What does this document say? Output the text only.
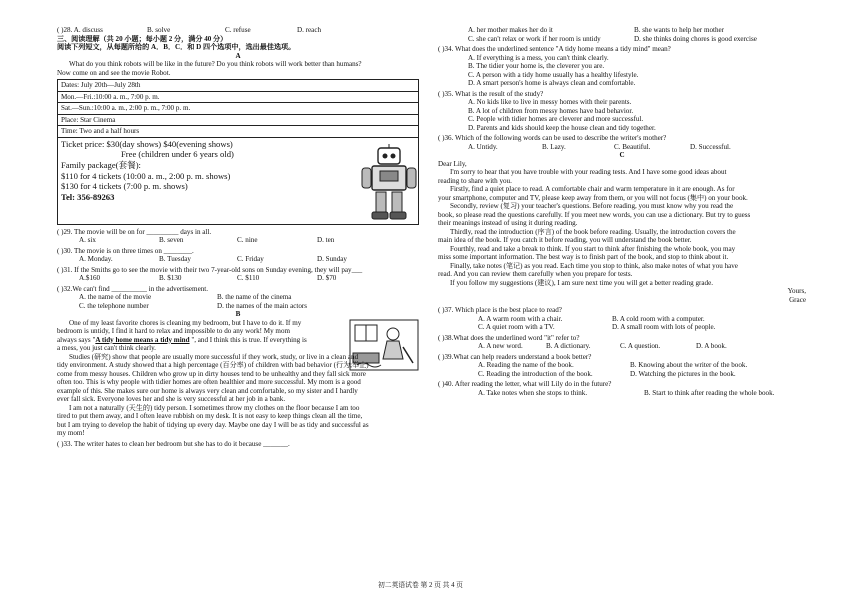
( )28. A. discuss	B. solve	C. refuse	D. reach

三、阅读理解（共 20 小题；每小题 2 分，满分 40 分）

阅读下列短文，从每题所给的 A．B．C．和 D 四个选项中，选出最佳选项。

A

What do you think robots will be like in the future? Do you think robots will work better than humans?

Now come on and see the movie Robot.

Dates: July 20th—July 28th
Mon.—Fri.:10:00 a. m., 7:00 p. m.
Sat.—Sun.:10:00 a. m., 2:00 p. m., 7:00 p. m.
Place: Star Cinema
Time: Two and a half hours
Ticket price: $30(day shows) $40(evening shows)
Free (children under 6 years old)
Family package(套餐):
$110 for 4 tickets (10:00 a. m., 2:00 p. m. shows)
$130 for 4 tickets (7:00 p. m. shows)
Tel: 356-89263

( )29. The movie will be on for _________ days in all.

A. six	B. seven	C. nine	D. ten

( )30. The movie is on three times on ________.

A. Monday.	B. Tuesday	C. Friday	D. Sunday

( )31. If the Smiths go to see the movie with their two 7-year-old sons on Sunday evening, they will pay___

A.$160	B. $130	C. $110	D. $70

( )32.We can't find __________ in the advertisement.

A. the name of the movie	B. the name of the cinema
C. the telephone number	D. the names of the main actors

B

One of my least favorite chores is cleaning my bedroom, but I have to do it. If my

bedroom is untidy, I find it hard to relax and impossible to do any work! My mom

always says "A tidy home means a tidy mind ", and I think this is true. If everything is

a mess, you just can't think clearly.

Studies (研究) show that people are usually more successful if they work, study, or live in a clean and

tidy environment. A study showed that a high percentage (百分率) of children with bad behavior (行为;举止)

come from messy houses. Children who grow up in dirty houses tend to be unhealthy and they fall sick more

often too. This is why people with tidier homes are often healthier and more successful. My mom is a good

example of this. She makes sure our home is always very clean and comfortable, so my sister and I hardly

ever fall sick. Everyone loves her and she is very successful at her job in a bank.

I am not a naturally (天生的) tidy person. I sometimes throw my clothes on the floor because I am too

tired to put them away, and I often leave rubbish on my desk. It is not easy to keep things clean all the time,

but I am trying to develop the habit of tidying up every day. Maybe one day I will be as tidy and successful as

my mom!

( )33. The writer hates to clean her bedroom but she has to do it because _______.

A. her mother makes her do it	B. she wants to help her mother
C. she can't relax or work if her room is untidy	D. she thinks doing chores is good exercise

( )34. What does the underlined sentence "A tidy home means a tidy mind" mean?

A. If everything is a mess, you can't think clearly.

B. The tidier your home is, the cleverer you are.

C. A person with a tidy home usually has a healthy lifestyle.

D. A smart person's home is always clean and comfortable.

( )35. What is the result of the study?

A. No kids like to live in messy homes with their parents.

B. A lot of children from messy homes have bad behavior.

C. People with tidier homes are cleverer and more successful.

D. Parents and kids should keep the house clean and tidy together.

( )36. Which of the following words can be used to describe the writer's mother?

A. Untidy.	B. Lazy.	C. Beautiful.	D. Successful.

C

Dear Lily,

I'm sorry to hear that you have trouble with your reading tests. And I have some good ideas about

reading to share with you.

Firstly, find a quiet place to read. A comfortable chair and warm temperature in it are enough. As for

your smartphone, computer and TV, please keep away from them, or you will not focus (集中) on your book.

Secondly, review (复习) your teacher's questions. Before reading, you must know why you read the

book, so please read the questions carefully. If you meet new words, you can use a dictionary. But try to guess

their meanings instead of using it during reading.

Thirdly, read the introduction (序言) of the book before reading. Usually, the introduction covers the

main idea of the book. If you catch it before reading, you will understand the book better.

Fourthly, read and take a break to think. If you start to think after finishing the whole book, you may

miss some important information. The best way is to finish part of the book, and stop to think about it.

Finally, take notes (笔记) as you read. Each time you stop to think, also make notes of what you have

read. And you can review them carefully when you prepare for tests.

If you follow my suggestions (建议), I am sure next time you will get a better reading grade.

Yours,

Grace

( )37. Which place is the best place to read?

A. A warm room with a chair.	B. A cold room with a computer.
C. A quiet room with a TV.	D. A small room with lots of people.

( )38.What does the underlined word "it" refer to?

A. A new word.	B. A dictionary.	C. A question.	D. A book.

( )39.What can help readers understand a book better?

A. Reading the name of the book.	B. Knowing about the writer of the book.
C. Reading the introduction of the book.	D. Watching the pictures in the book.

( )40. After reading the letter, what will Lily do in the future?

A. Take notes when she stops to think.	B. Start to think after reading the whole book.
初二英语试卷 第 2 页 共 4 页
